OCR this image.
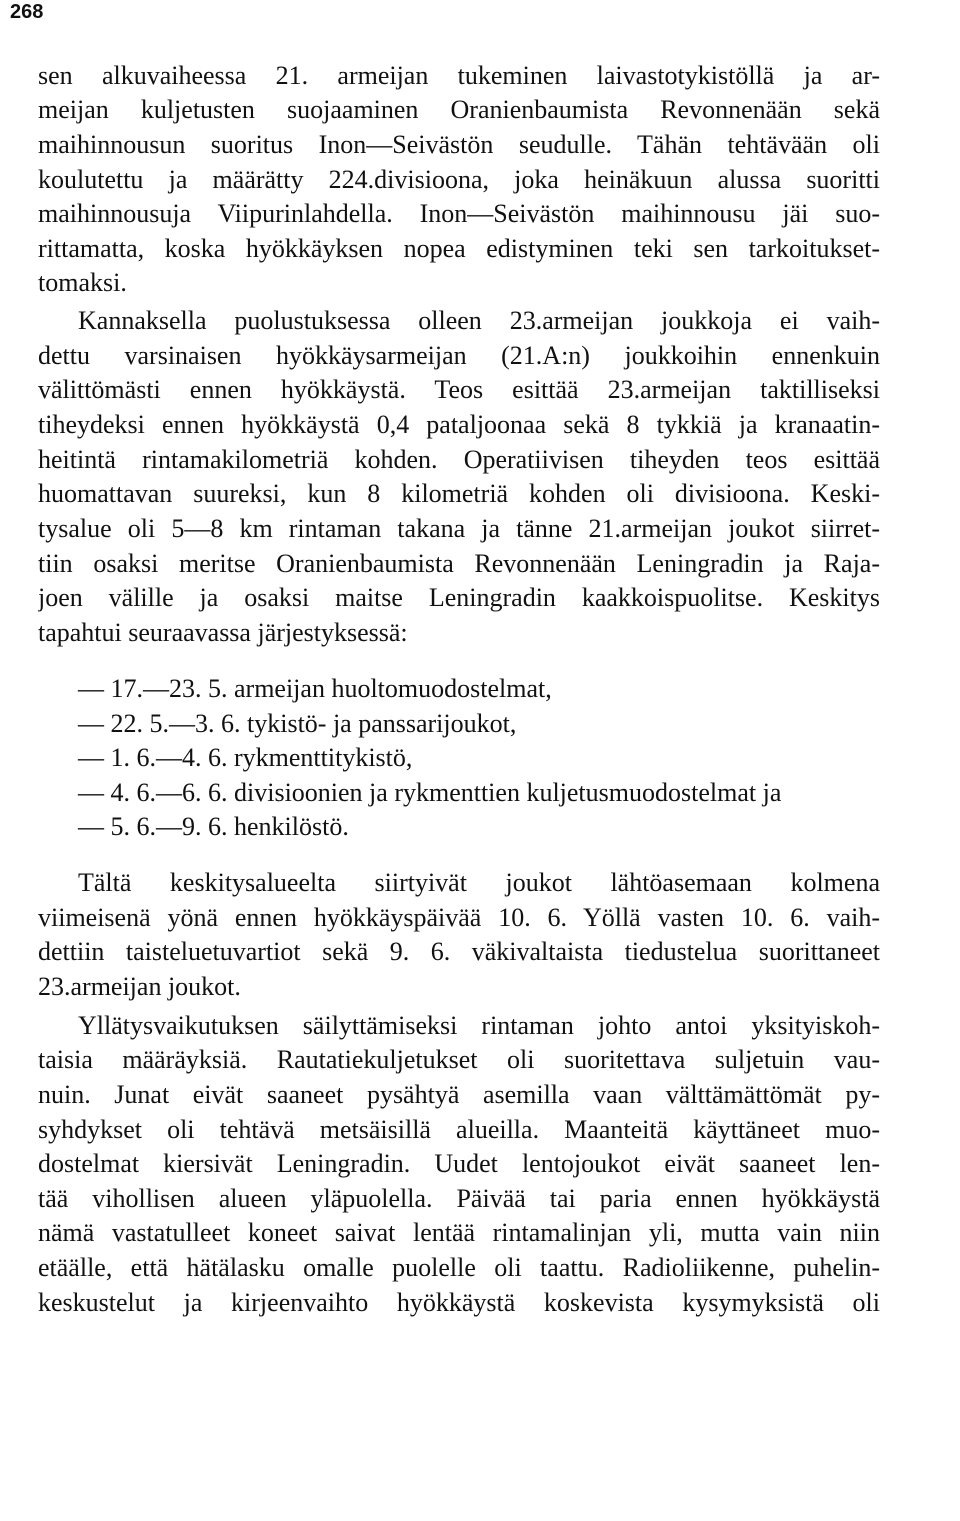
268
sen alkuvaiheessa 21. armeijan tukeminen laivastotykistöllä ja ar-
meijan kuljetusten suojaaminen Oranienbaumista Revonnenään sekä
maihinnousun suoritus Inon—Seivästön seudulle. Tähän tehtävään oli
koulutettu ja määrätty 224.divisioona, joka heinäkuun alussa suoritti
maihinnousuja Viipurinlahdella. Inon—Seivästön maihinnousu jäi suo-
rittamatta, koska hyökkäyksen nopea edistyminen teki sen tarkoitukset-
tomaksi.
Kannaksella puolustuksessa olleen 23.armeijan joukkoja ei vaih-
dettu varsinaisen hyökkäysarmeijan (21.A:n) joukkoihin ennenkuin
välittömästi ennen hyökkäystä. Teos esittää 23.armeijan taktilliseksi
tiheydeksi ennen hyökkäystä 0,4 pataljoonaa sekä 8 tykkiä ja kranaatin-
heitintä rintamakilometriä kohden. Operatiivisen tiheyden teos esittää
huomattavan suureksi, kun 8 kilometriä kohden oli divisioona. Keski-
tysalue oli 5—8 km rintaman takana ja tänne 21.armeijan joukot siirret-
tiin osaksi meritse Oranienbaumista Revonnenään Leningradin ja Raja-
joen välille ja osaksi maitse Leningradin kaakkoispuolitse. Keskitys
tapahtui seuraavassa järjestyksessä:
— 17.—23. 5. armeijan huoltomuodostelmat,
— 22. 5.—3. 6. tykistö- ja panssarijoukot,
— 1. 6.—4. 6. rykmenttitykistö,
— 4. 6.—6. 6. divisioonien ja rykmenttien kuljetusmuodostelmat ja
— 5. 6.—9. 6. henkilöstö.
Tältä keskitysalueelta siirtyivät joukot lähtöasemaan kolmena
viimeisenä yönä ennen hyökkäyspäivää 10. 6. Yöllä vasten 10. 6. vaih-
dettiin taisteluetuvartiot sekä 9. 6. väkivaltaista tiedustelua suorittaneet
23.armeijan joukot.
Yllätysvaikutuksen säilyttämiseksi rintaman johto antoi yksityiskoh-
taisia määräyksiä. Rautatiekuljetukset oli suoritettava suljetuin vau-
nuin. Junat eivät saaneet pysähtyä asemilla vaan välttämättömät py-
syhdykset oli tehtävä metsäisillä alueilla. Maanteitä käyttäneet muo-
dostelmat kiersivät Leningradin. Uudet lentojoukot eivät saaneet len-
tää vihollisen alueen yläpuolella. Päivää tai paria ennen hyökkäystä
nämä vastatulleet koneet saivat lentää rintamalinjan yli, mutta vain niin
etäälle, että hätälasku omalle puolelle oli taattu. Radioliikenne, puhelin-
keskustelut ja kirjeenvaihto hyökkäystä koskevista kysymyksistä oli
